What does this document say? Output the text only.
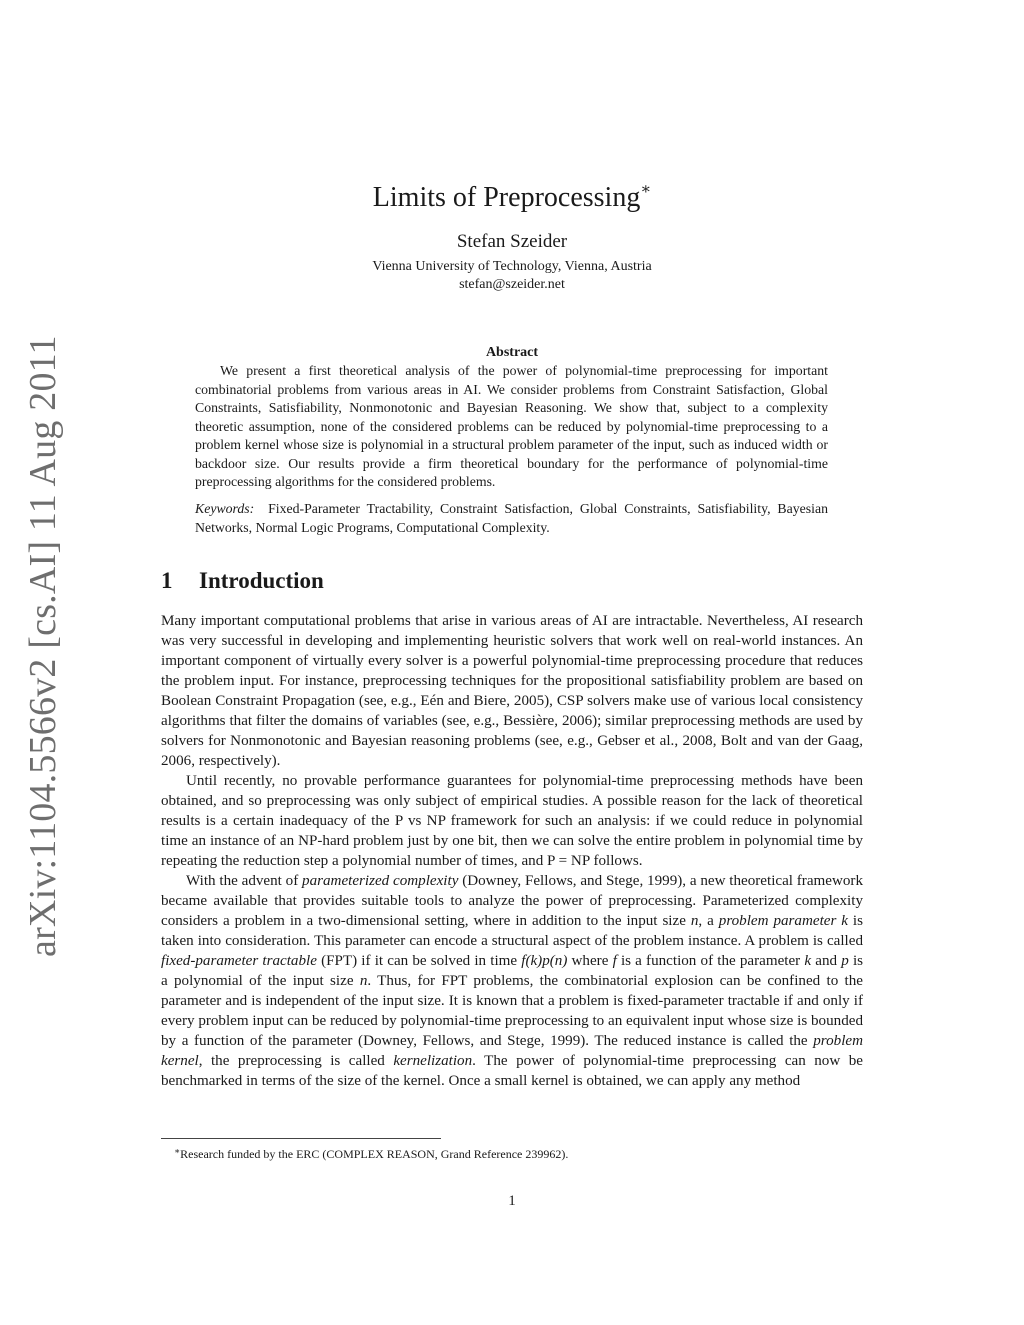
arXiv:1104.5566v2 [cs.AI] 11 Aug 2011
Limits of Preprocessing∗
Stefan Szeider
Vienna University of Technology, Vienna, Austria
stefan@szeider.net
Abstract

We present a first theoretical analysis of the power of polynomial-time preprocessing for important combinatorial problems from various areas in AI. We consider problems from Constraint Satisfaction, Global Constraints, Satisfiability, Nonmonotonic and Bayesian Reasoning. We show that, subject to a complexity theoretic assumption, none of the considered problems can be reduced by polynomial-time preprocessing to a problem kernel whose size is polynomial in a structural problem parameter of the input, such as induced width or backdoor size. Our results provide a firm theoretical boundary for the performance of polynomial-time preprocessing algorithms for the considered problems.

Keywords: Fixed-Parameter Tractability, Constraint Satisfaction, Global Constraints, Satisfiability, Bayesian Networks, Normal Logic Programs, Computational Complexity.

1 Introduction

Many important computational problems that arise in various areas of AI are intractable. Nevertheless, AI research was very successful in developing and implementing heuristic solvers that work well on real-world instances. An important component of virtually every solver is a powerful polynomial-time preprocessing procedure that reduces the problem input. For instance, preprocessing techniques for the propositional satisfiability problem are based on Boolean Constraint Propagation (see, e.g., Eén and Biere, 2005), CSP solvers make use of various local consistency algorithms that filter the domains of variables (see, e.g., Bessière, 2006); similar preprocessing methods are used by solvers for Nonmonotonic and Bayesian reasoning problems (see, e.g., Gebser et al., 2008, Bolt and van der Gaag, 2006, respectively).

Until recently, no provable performance guarantees for polynomial-time preprocessing methods have been obtained, and so preprocessing was only subject of empirical studies. A possible reason for the lack of theoretical results is a certain inadequacy of the P vs NP framework for such an analysis: if we could reduce in polynomial time an instance of an NP-hard problem just by one bit, then we can solve the entire problem in polynomial time by repeating the reduction step a polynomial number of times, and P = NP follows.

With the advent of parameterized complexity (Downey, Fellows, and Stege, 1999), a new theoretical framework became available that provides suitable tools to analyze the power of preprocessing. Parameterized complexity considers a problem in a two-dimensional setting, where in addition to the input size n, a problem parameter k is taken into consideration. This parameter can encode a structural aspect of the problem instance. A problem is called fixed-parameter tractable (FPT) if it can be solved in time f(k)p(n) where f is a function of the parameter k and p is a polynomial of the input size n. Thus, for FPT problems, the combinatorial explosion can be confined to the parameter and is independent of the input size. It is known that a problem is fixed-parameter tractable if and only if every problem input can be reduced by polynomial-time preprocessing to an equivalent input whose size is bounded by a function of the parameter (Downey, Fellows, and Stege, 1999). The reduced instance is called the problem kernel, the preprocessing is called kernelization. The power of polynomial-time preprocessing can now be benchmarked in terms of the size of the kernel. Once a small kernel is obtained, we can apply any method

∗Research funded by the ERC (COMPLEX REASON, Grand Reference 239962).
1
